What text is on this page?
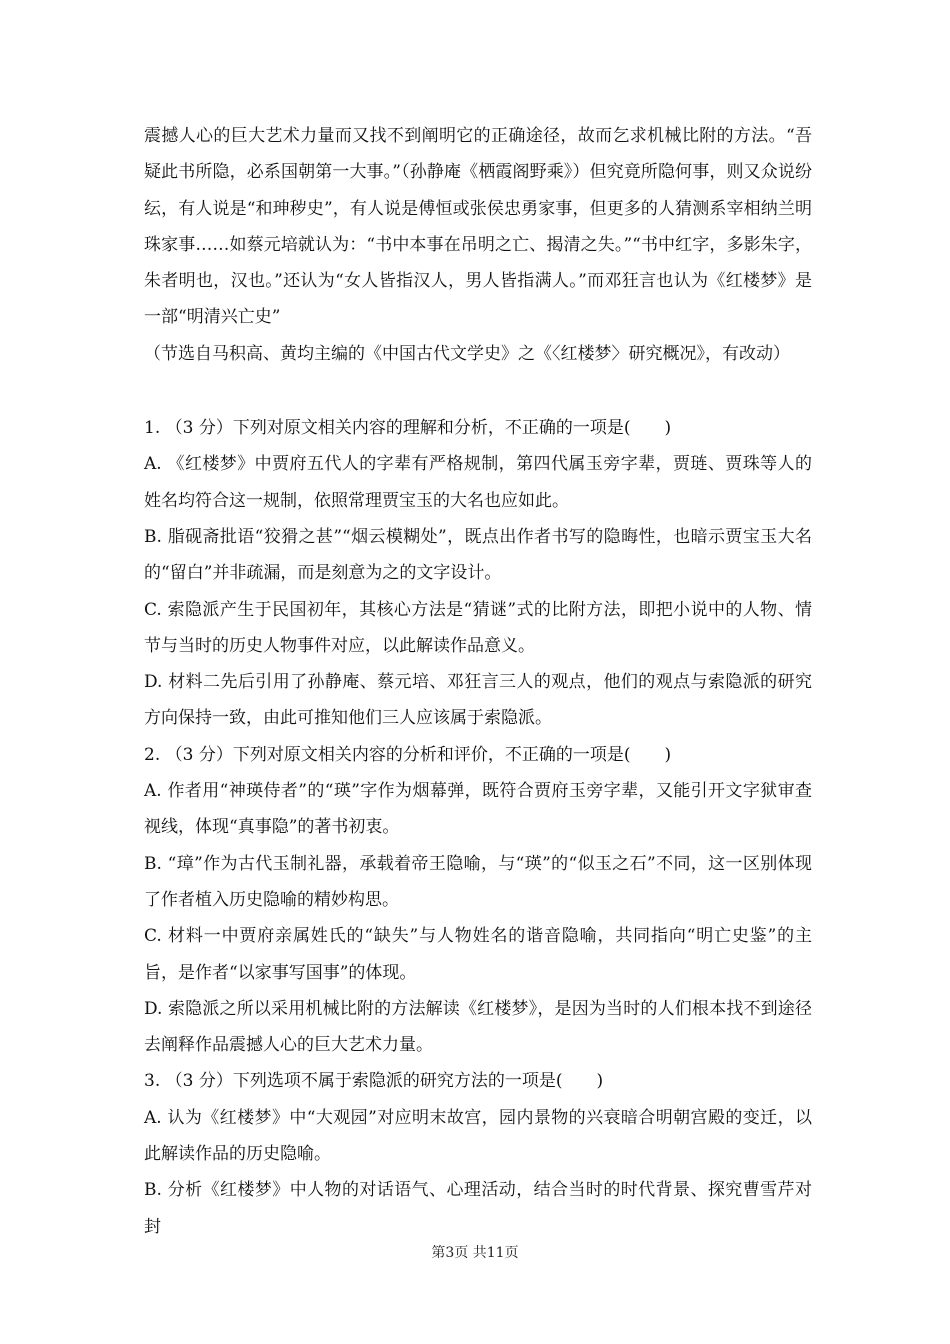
震撼人心的巨大艺术力量而又找不到阐明它的正确途径，故而乞求机械比附的方法。“吾疑此书所隐，必系国朝第一大事。”（孙静庵《栖霞阁野乘》）但究竟所隐何事，则又众说纷纭，有人说是“和珅秽史”，有人说是傅恒或张侯忠勇家事，但更多的人猜测系宰相纳兰明珠家事……如蔡元培就认为：“书中本事在吊明之亡、揭清之失。”“书中红字，多影朱字，朱者明也，汉也。”还认为“女人皆指汉人，男人皆指满人。”而邓狂言也认为《红楼梦》是一部“明清兴亡史”

（节选自马积高、黄均主编的《中国古代文学史》之《〈红楼梦〉研究概况》，有改动）

1. （3 分）下列对原文相关内容的理解和分析，不正确的一项是(　　)

A. 《红楼梦》中贾府五代人的字辈有严格规制，第四代属玉旁字辈，贾琏、贾珠等人的姓名均符合这一规制，依照常理贾宝玉的大名也应如此。

B. 脂砚斋批语“狡猾之甚”“烟云模糊处”，既点出作者书写的隐晦性，也暗示贾宝玉大名的“留白”并非疏漏，而是刻意为之的文字设计。

C. 索隐派产生于民国初年，其核心方法是“猜谜”式的比附方法，即把小说中的人物、情节与当时的历史人物事件对应，以此解读作品意义。

D. 材料二先后引用了孙静庵、蔡元培、邓狂言三人的观点，他们的观点与索隐派的研究方向保持一致，由此可推知他们三人应该属于索隐派。

2. （3 分）下列对原文相关内容的分析和评价，不正确的一项是(　　)

A. 作者用“神瑛侍者”的“瑛”字作为烟幕弹，既符合贾府玉旁字辈，又能引开文字狱审查视线，体现“真事隐”的著书初衷。

B. “璋”作为古代玉制礼器，承载着帝王隐喻，与“瑛”的“似玉之石”不同，这一区别体现了作者植入历史隐喻的精妙构思。

C. 材料一中贾府亲属姓氏的“缺失”与人物姓名的谐音隐喻，共同指向“明亡史鉴”的主旨，是作者“以家事写国事”的体现。

D. 索隐派之所以采用机械比附的方法解读《红楼梦》，是因为当时的人们根本找不到途径去阐释作品震撼人心的巨大艺术力量。

3. （3 分）下列选项不属于索隐派的研究方法的一项是(　　)

A. 认为《红楼梦》中“大观园”对应明末故宫，园内景物的兴衰暗合明朝宫殿的变迁，以此解读作品的历史隐喻。

B. 分析《红楼梦》中人物的对话语气、心理活动，结合当时的时代背景、探究曹雪芹对封

第3页 共11页
